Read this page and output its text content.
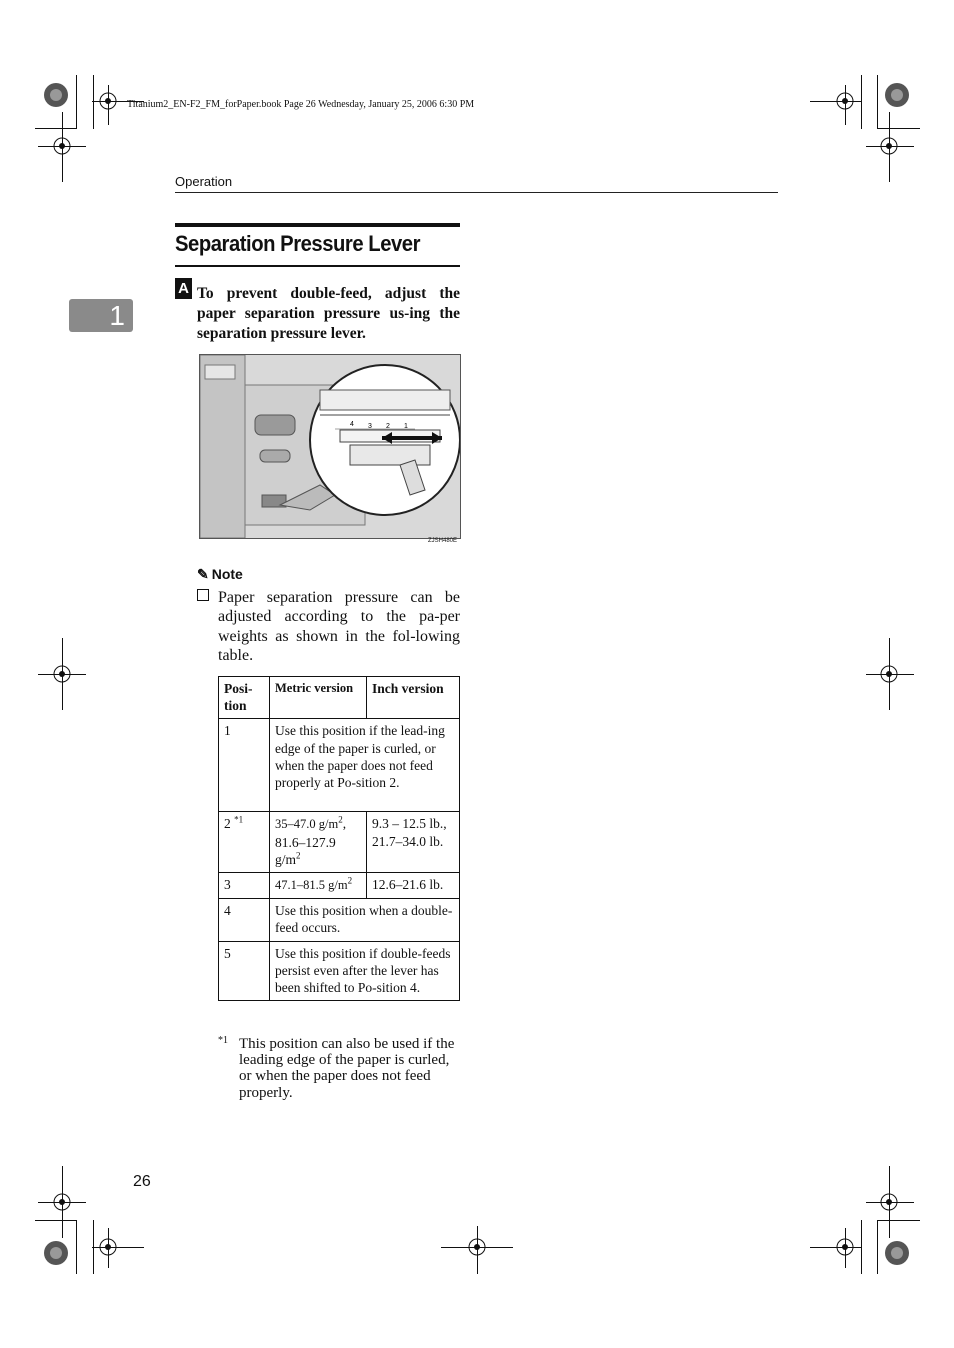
Titanium2_EN-F2_FM_forPaper.book Page 26 Wednesday, January 25, 2006 6:30 PM
Operation
1
Separation Pressure Lever
A To prevent double-feed, adjust the paper separation pressure us-ing the separation pressure lever.
4 3 2 1
ZJSH480E
✎ Note
Paper separation pressure can be adjusted according to the pa-per weights as shown in the fol-lowing table.
Posi-tion	Metric version	Inch version
1	Use this position if the lead-ing edge of the paper is curled, or when the paper does not feed properly at Po-sition 2.	
2 $^{*1}$	35–47.0 $g/m^2$, 81.6–127.9 $g/m^2$	9.3 – 12.5 lb., 21.7–34.0 lb.
3	47.1–81.5 $g/m^2$	12.6–21.6 lb.
4	Use this position when a double-feed occurs.	
5	Use this position if double-feeds persist even after the lever has been shifted to Po-sition 4.	
*1 This position can also be used if the leading edge of the paper is curled, or when the paper does not feed properly.
26
